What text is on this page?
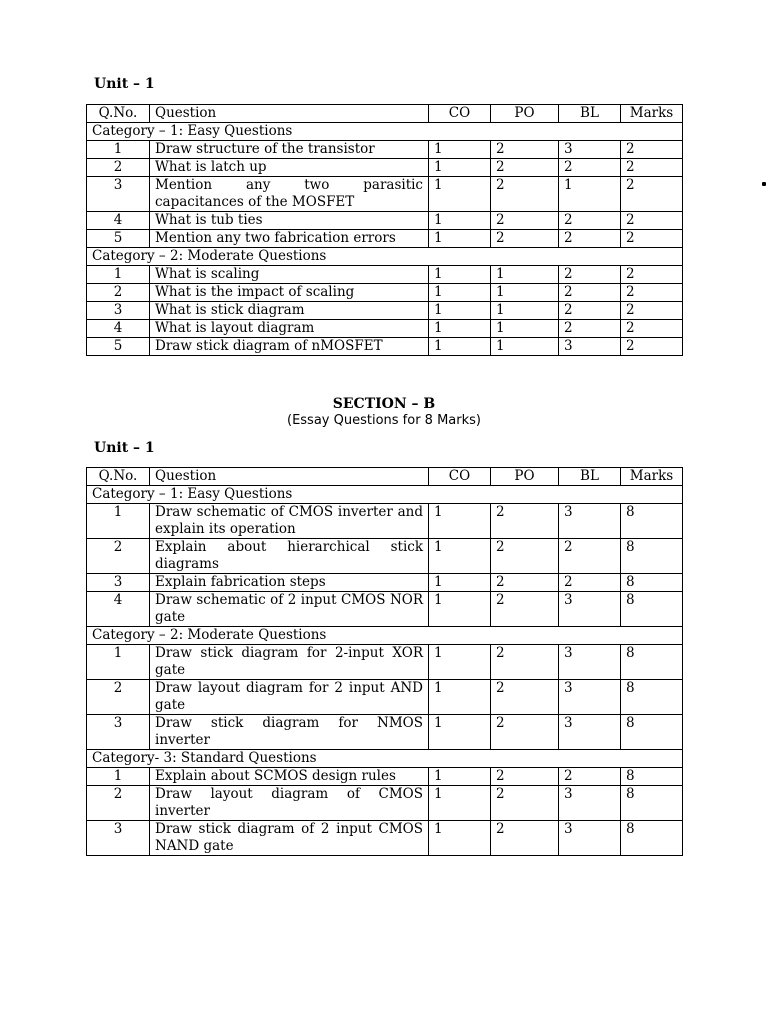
Unit – 1
Q.No.	Question	CO	PO	BL	Marks
Category – 1: Easy Questions					
1	Draw structure of the transistor	1	2	3	2
2	What is latch up	1	2	2	2
3	Mention any two parasitic capacitances of the MOSFET	1	2	1	2
4	What is tub ties	1	2	2	2
5	Mention any two fabrication errors	1	2	2	2
Category – 2: Moderate Questions					
1	What is scaling	1	1	2	2
2	What is the impact of scaling	1	1	2	2
3	What is stick diagram	1	1	2	2
4	What is layout diagram	1	1	2	2
5	Draw stick diagram of nMOSFET	1	1	3	2
SECTION – B
(Essay Questions for 8 Marks)
Unit – 1
Q.No.	Question	CO	PO	BL	Marks
Category – 1: Easy Questions					
1	Draw schematic of CMOS inverter and explain its operation	1	2	3	8
2	Explain about hierarchical stick diagrams	1	2	2	8
3	Explain fabrication steps	1	2	2	8
4	Draw schematic of 2 input CMOS NOR gate	1	2	3	8
Category – 2: Moderate Questions					
1	Draw stick diagram for 2-input XOR gate	1	2	3	8
2	Draw layout diagram for 2 input AND gate	1	2	3	8
3	Draw stick diagram for NMOS inverter	1	2	3	8
Category- 3: Standard Questions					
1	Explain about SCMOS design rules	1	2	2	8
2	Draw layout diagram of CMOS inverter	1	2	3	8
3	Draw stick diagram of 2 input CMOS NAND gate	1	2	3	8
